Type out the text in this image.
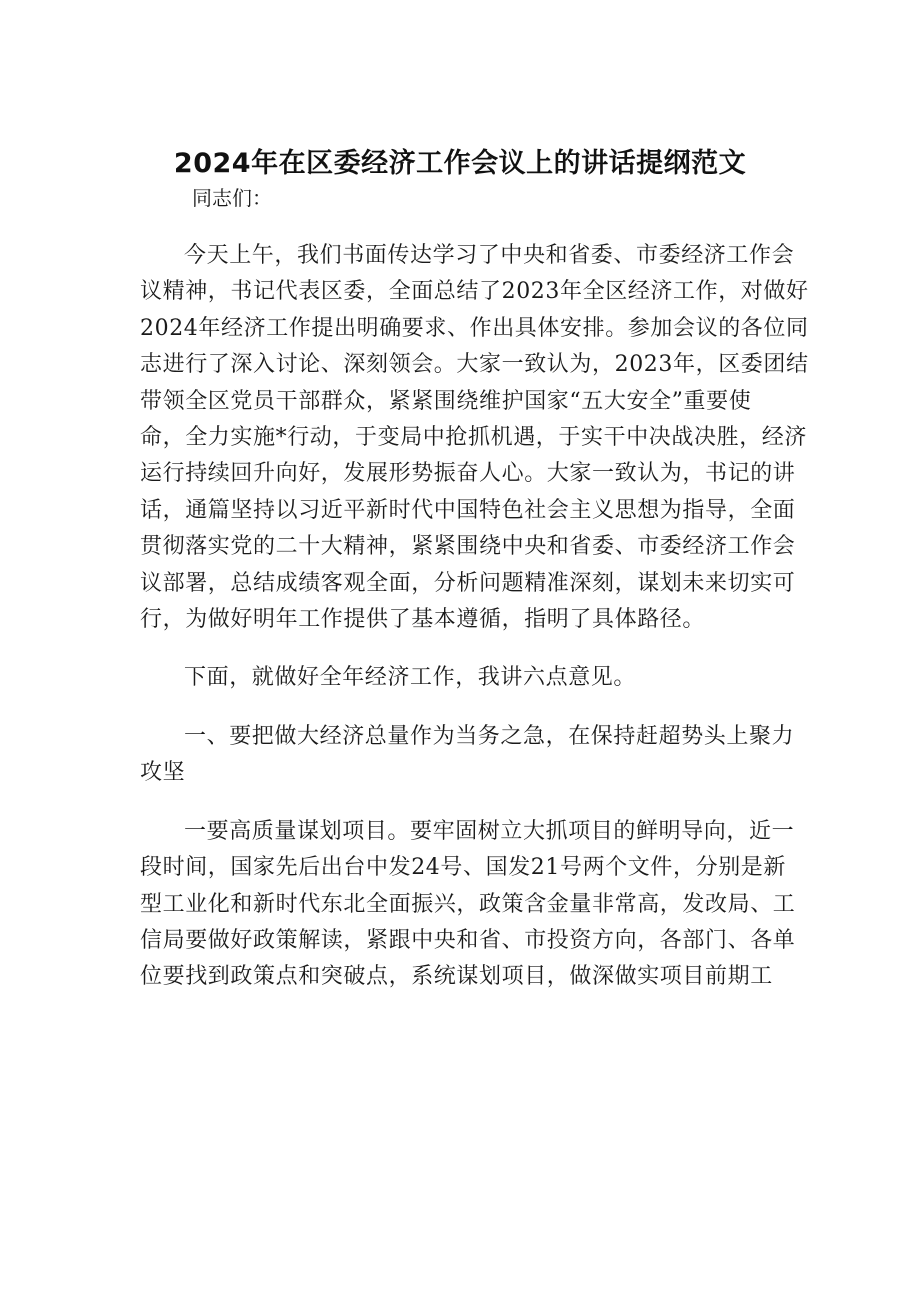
2024年在区委经济工作会议上的讲话提纲范文

同志们：

今天上午，我们书面传达学习了中央和省委、市委经济工作会
议精神，书记代表区委，全面总结了2023年全区经济工作，对做好
2024年经济工作提出明确要求、作出具体安排。参加会议的各位同
志进行了深入讨论、深刻领会。大家一致认为，2023年，区委团结
带领全区党员干部群众，紧紧围绕维护国家“五大安全”重要使
命，全力实施*行动，于变局中抢抓机遇，于实干中决战决胜，经济
运行持续回升向好，发展形势振奋人心。大家一致认为，书记的讲
话，通篇坚持以习近平新时代中国特色社会主义思想为指导，全面
贯彻落实党的二十大精神，紧紧围绕中央和省委、市委经济工作会
议部署，总结成绩客观全面，分析问题精准深刻，谋划未来切实可
行，为做好明年工作提供了基本遵循，指明了具体路径。
下面，就做好全年经济工作，我讲六点意见。
一、要把做大经济总量作为当务之急，在保持赶超势头上聚力
攻坚
一要高质量谋划项目。要牢固树立大抓项目的鲜明导向，近一
段时间，国家先后出台中发24号、国发21号两个文件，分别是新
型工业化和新时代东北全面振兴，政策含金量非常高，发改局、工
信局要做好政策解读，紧跟中央和省、市投资方向，各部门、各单
位要找到政策点和突破点，系统谋划项目，做深做实项目前期工
